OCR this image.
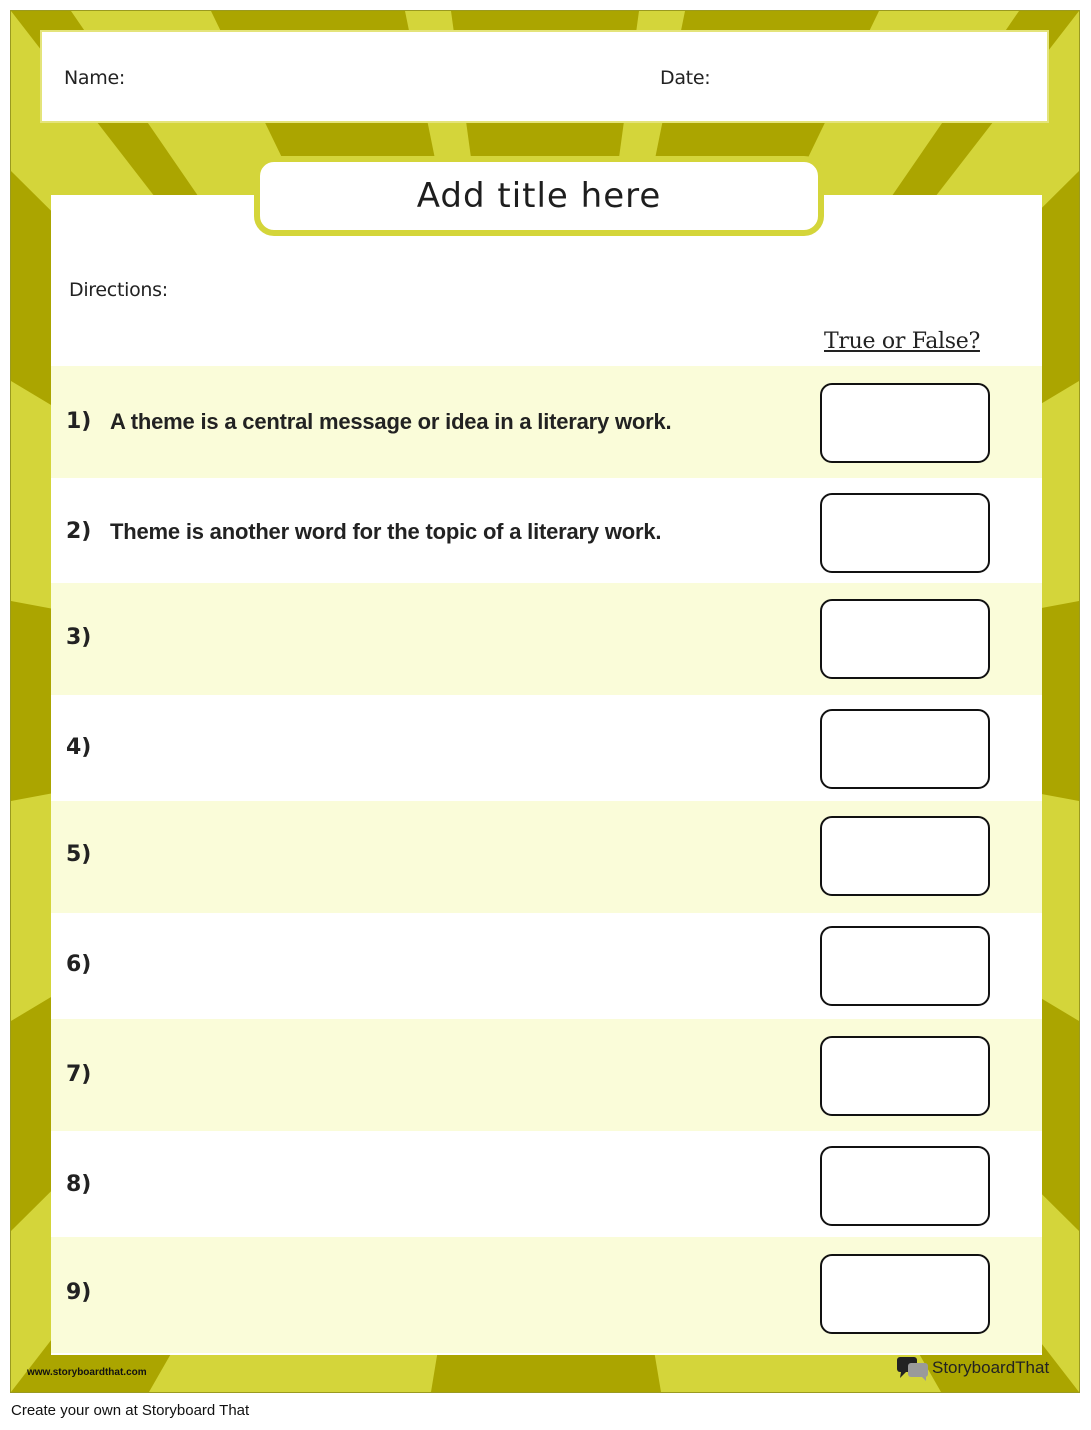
Name:	Date:
Add title here
Directions:
True or False?
1) A theme is a central message or idea in a literary work.
2) Theme is another word for the topic of a literary work.
3)
4)
5)
6)
7)
8)
9)
www.storyboardthat.com	StoryboardThat
Create your own at Storyboard That
